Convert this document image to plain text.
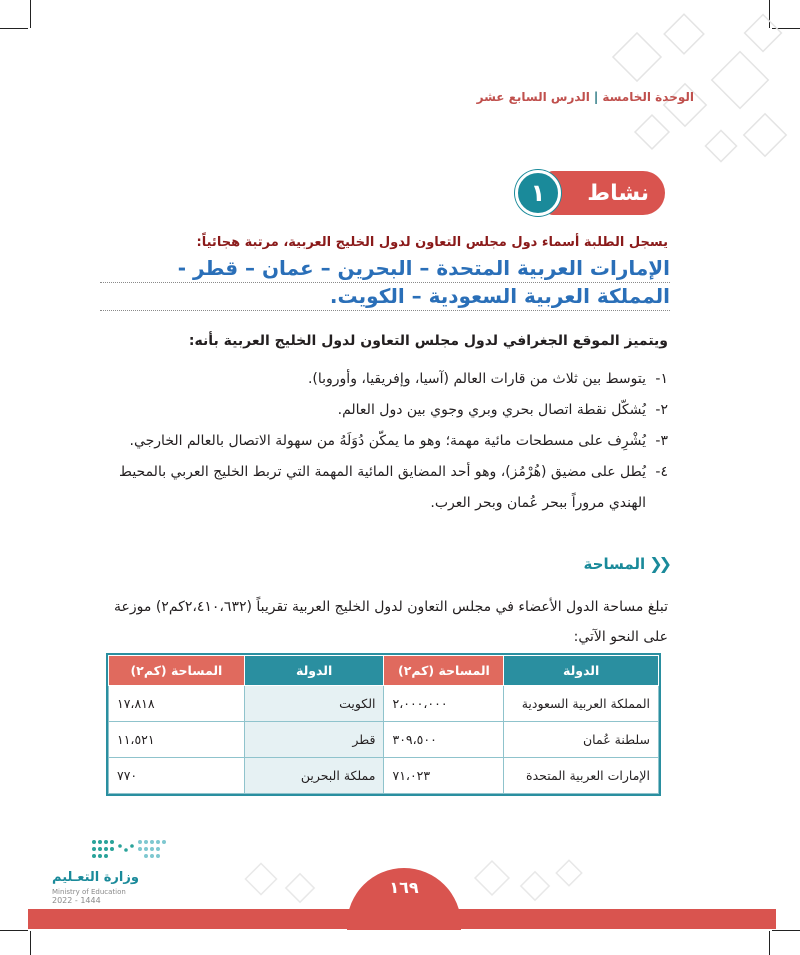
الوحدة الخامسة|الدرس السابع عشر
نشاط
١
يسجل الطلبة أسماء دول مجلس التعاون لدول الخليج العربية، مرتبة هجائياً:
الإمارات العربية المتحدة – البحرين – عمان – قطر - المملكة العربية السعودية – الكويت.
ويتميز الموقع الجغرافي لدول مجلس التعاون لدول الخليج العربية بأنه:
١-
يتوسط بين ثلاث من قارات العالم (آسيا، وإفريقيا، وأوروبا).
٢-
يُشكّل نقطة اتصال بحري وبري وجوي بين دول العالم.
٣-
يُشْرِف على مسطحات مائية مهمة؛ وهو ما يمكّن دُوَلَهُ من سهولة الاتصال بالعالم الخارجي.
٤-
يُطل على مضيق (هُرْمُز)، وهو أحد المضايق المائية المهمة التي تربط الخليج العربي بالمحيط الهندي مروراً ببحر عُمان وبحر العرب.
❮❮
المساحة
تبلغ مساحة الدول الأعضاء في مجلس التعاون لدول الخليج العربية تقريباً (٢،٤١٠،٦٣٢كم٢) موزعة على النحو الآتي:
الدولة	المساحة (كم٢)	الدولة	المساحة (كم٢)
المملكة العربية السعودية	٢،٠٠٠،٠٠٠	الكويت	١٧،٨١٨
سلطنة عُمان	٣٠٩،٥٠٠	قطر	١١،٥٢١
الإمارات العربية المتحدة	٧١،٠٢٣	مملكة البحرين	٧٧٠
وزارة التعـليم
Ministry of Education
2022 - 1444
١٦٩
